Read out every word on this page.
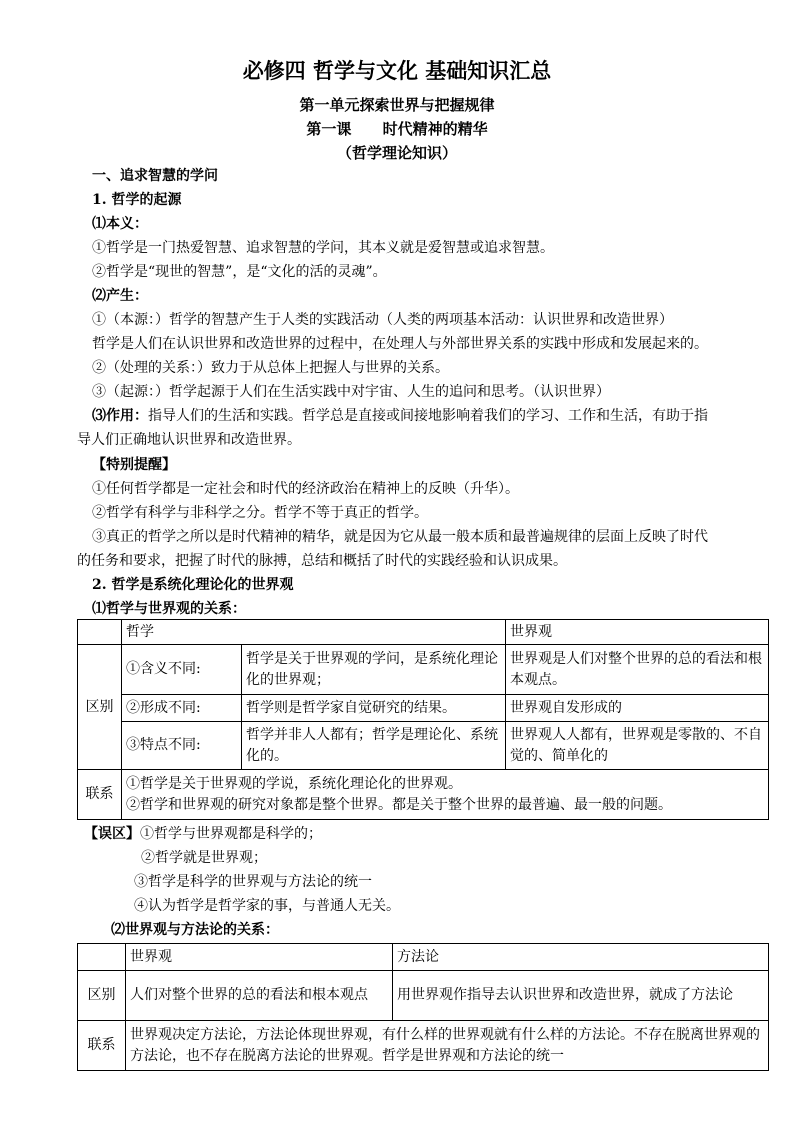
必修四 哲学与文化 基础知识汇总
第一单元探索世界与把握规律
第一课      时代精神的精华
（哲学理论知识）
一、追求智慧的学问
1. 哲学的起源
⑴本义：
①哲学是一门热爱智慧、追求智慧的学问，其本义就是爱智慧或追求智慧。
②哲学是“现世的智慧”，是“文化的活的灵魂”。
⑵产生：
①（本源：）哲学的智慧产生于人类的实践活动（人类的两项基本活动：认识世界和改造世界）
哲学是人们在认识世界和改造世界的过程中，在处理人与外部世界关系的实践中形成和发展起来的。
②（处理的关系：）致力于从总体上把握人与世界的关系。
③（起源：）哲学起源于人们在生活实践中对宇宙、人生的追问和思考。（认识世界）
⑶作用：指导人们的生活和实践。哲学总是直接或间接地影响着我们的学习、工作和生活，有助于指
导人们正确地认识世界和改造世界。
【特别提醒】
①任何哲学都是一定社会和时代的经济政治在精神上的反映（升华）。
②哲学有科学与非科学之分。哲学不等于真正的哲学。
③真正的哲学之所以是时代精神的精华，就是因为它从最一般本质和最普遍规律的层面上反映了时代
的任务和要求，把握了时代的脉搏，总结和概括了时代的实践经验和认识成果。
2. 哲学是系统化理论化的世界观
⑴哲学与世界观的关系：
	哲学		世界观
区别	①含义不同:	哲学是关于世界观的学问，是系统化理论化的世界观；	世界观是人们对整个世界的总的看法和根本观点。
	②形成不同:	哲学则是哲学家自觉研究的结果。	世界观自发形成的
	③特点不同:	哲学并非人人都有；哲学是理论化、系统化的。	世界观人人都有，世界观是零散的、不自觉的、简单化的
联系	①哲学是关于世界观的学说，系统化理论化的世界观。
②哲学和世界观的研究对象都是整个世界。都是关于整个世界的最普遍、最一般的问题。		
【误区】①哲学与世界观都是科学的；
②哲学就是世界观；
③哲学是科学的世界观与方法论的统一
④认为哲学是哲学家的事，与普通人无关。
⑵世界观与方法论的关系：
	世界观	方法论
区别	人们对整个世界的总的看法和根本观点	用世界观作指导去认识世界和改造世界，就成了方法论
联系	世界观决定方法论，方法论体现世界观，有什么样的世界观就有什么样的方法论。不存在脱离世界观的方法论，也不存在脱离方法论的世界观。哲学是世界观和方法论的统一	
